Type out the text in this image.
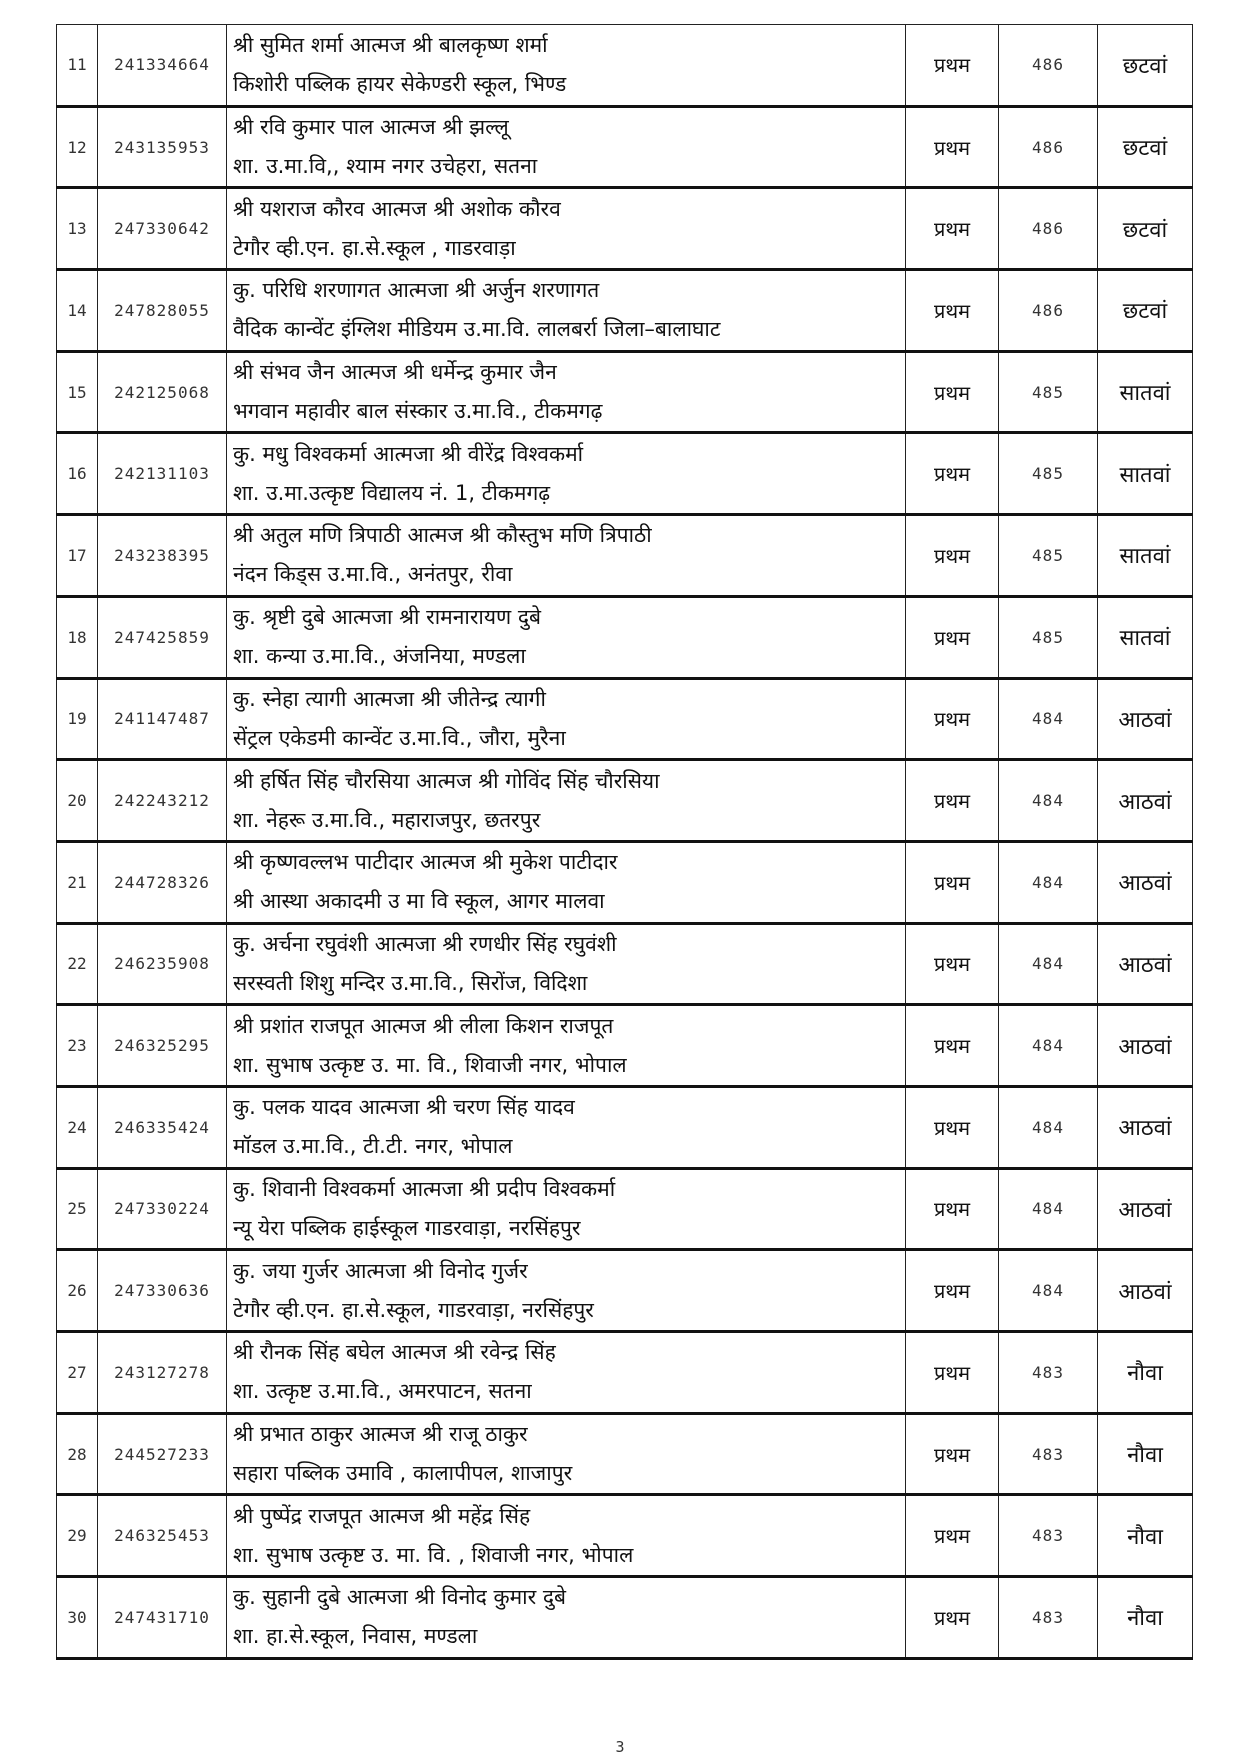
11	241334664	श्री सुमित शर्मा आत्मज श्री बालकृष्ण शर्मा
किशोरी पब्लिक हायर सेकेण्डरी स्कूल, भिण्ड	प्रथम	486	छटवां
12	243135953	श्री रवि कुमार पाल आत्मज श्री झल्लू
शा. उ.मा.वि,, श्याम नगर उचेहरा, सतना	प्रथम	486	छटवां
13	247330642	श्री यशराज कौरव आत्मज श्री अशोक कौरव
टेगौर व्ही.एन. हा.से.स्कूल , गाडरवाड़ा	प्रथम	486	छटवां
14	247828055	कु. परिधि शरणागत आत्मजा श्री अर्जुन शरणागत
वैदिक कान्वेंट इंग्लिश मीडियम उ.मा.वि. लालबर्रा जिला–बालाघाट	प्रथम	486	छटवां
15	242125068	श्री संभव जैन आत्मज श्री धर्मेन्द्र कुमार जैन
भगवान महावीर बाल संस्कार उ.मा.वि., टीकमगढ़	प्रथम	485	सातवां
16	242131103	कु. मधु विश्वकर्मा आत्मजा श्री वीरेंद्र विश्वकर्मा
शा. उ.मा.उत्कृष्ट विद्यालय नं. 1, टीकमगढ़	प्रथम	485	सातवां
17	243238395	श्री अतुल मणि त्रिपाठी आत्मज श्री कौस्तुभ मणि त्रिपाठी
नंदन किड्स उ.मा.वि., अनंतपुर, रीवा	प्रथम	485	सातवां
18	247425859	कु. श्रृष्टी दुबे आत्मजा श्री रामनारायण दुबे
शा. कन्या उ.मा.वि., अंजनिया, मण्डला	प्रथम	485	सातवां
19	241147487	कु. स्नेहा त्यागी आत्मजा श्री जीतेन्द्र त्यागी
सेंट्रल एकेडमी कान्वेंट उ.मा.वि., जौरा, मुरैना	प्रथम	484	आठवां
20	242243212	श्री हर्षित सिंह चौरसिया आत्मज श्री गोविंद सिंह चौरसिया
शा. नेहरू उ.मा.वि., महाराजपुर, छतरपुर	प्रथम	484	आठवां
21	244728326	श्री कृष्णवल्लभ पाटीदार आत्मज श्री मुकेश पाटीदार
श्री आस्था अकादमी उ मा वि स्कूल, आगर मालवा	प्रथम	484	आठवां
22	246235908	कु. अर्चना रघुवंशी आत्मजा श्री रणधीर सिंह रघुवंशी
सरस्वती शिशु मन्दिर उ.मा.वि., सिरोंज, विदिशा	प्रथम	484	आठवां
23	246325295	श्री प्रशांत राजपूत आत्मज श्री लीला किशन राजपूत
शा. सुभाष उत्कृष्ट उ. मा. वि., शिवाजी नगर, भोपाल	प्रथम	484	आठवां
24	246335424	कु. पलक यादव आत्मजा श्री चरण सिंह यादव
मॉडल उ.मा.वि., टी.टी. नगर, भोपाल	प्रथम	484	आठवां
25	247330224	कु. शिवानी विश्वकर्मा आत्मजा श्री प्रदीप विश्वकर्मा
न्यू येरा पब्लिक हाईस्कूल गाडरवाड़ा, नरसिंहपुर	प्रथम	484	आठवां
26	247330636	कु. जया गुर्जर आत्मजा श्री विनोद गुर्जर
टेगौर व्ही.एन. हा.से.स्कूल, गाडरवाड़ा, नरसिंहपुर	प्रथम	484	आठवां
27	243127278	श्री रौनक सिंह बघेल आत्मज श्री रवेन्द्र सिंह
शा. उत्कृष्ट उ.मा.वि., अमरपाटन, सतना	प्रथम	483	नौवा
28	244527233	श्री प्रभात ठाकुर आत्मज श्री राजू ठाकुर
सहारा पब्लिक उमावि , कालापीपल, शाजापुर	प्रथम	483	नौवा
29	246325453	श्री पुष्पेंद्र राजपूत आत्मज श्री महेंद्र सिंह
शा. सुभाष उत्कृष्ट उ. मा. वि. , शिवाजी नगर, भोपाल	प्रथम	483	नौवा
30	247431710	कु. सुहानी दुबे आत्मजा श्री विनोद कुमार दुबे
शा. हा.से.स्कूल, निवास, मण्डला	प्रथम	483	नौवा
3
